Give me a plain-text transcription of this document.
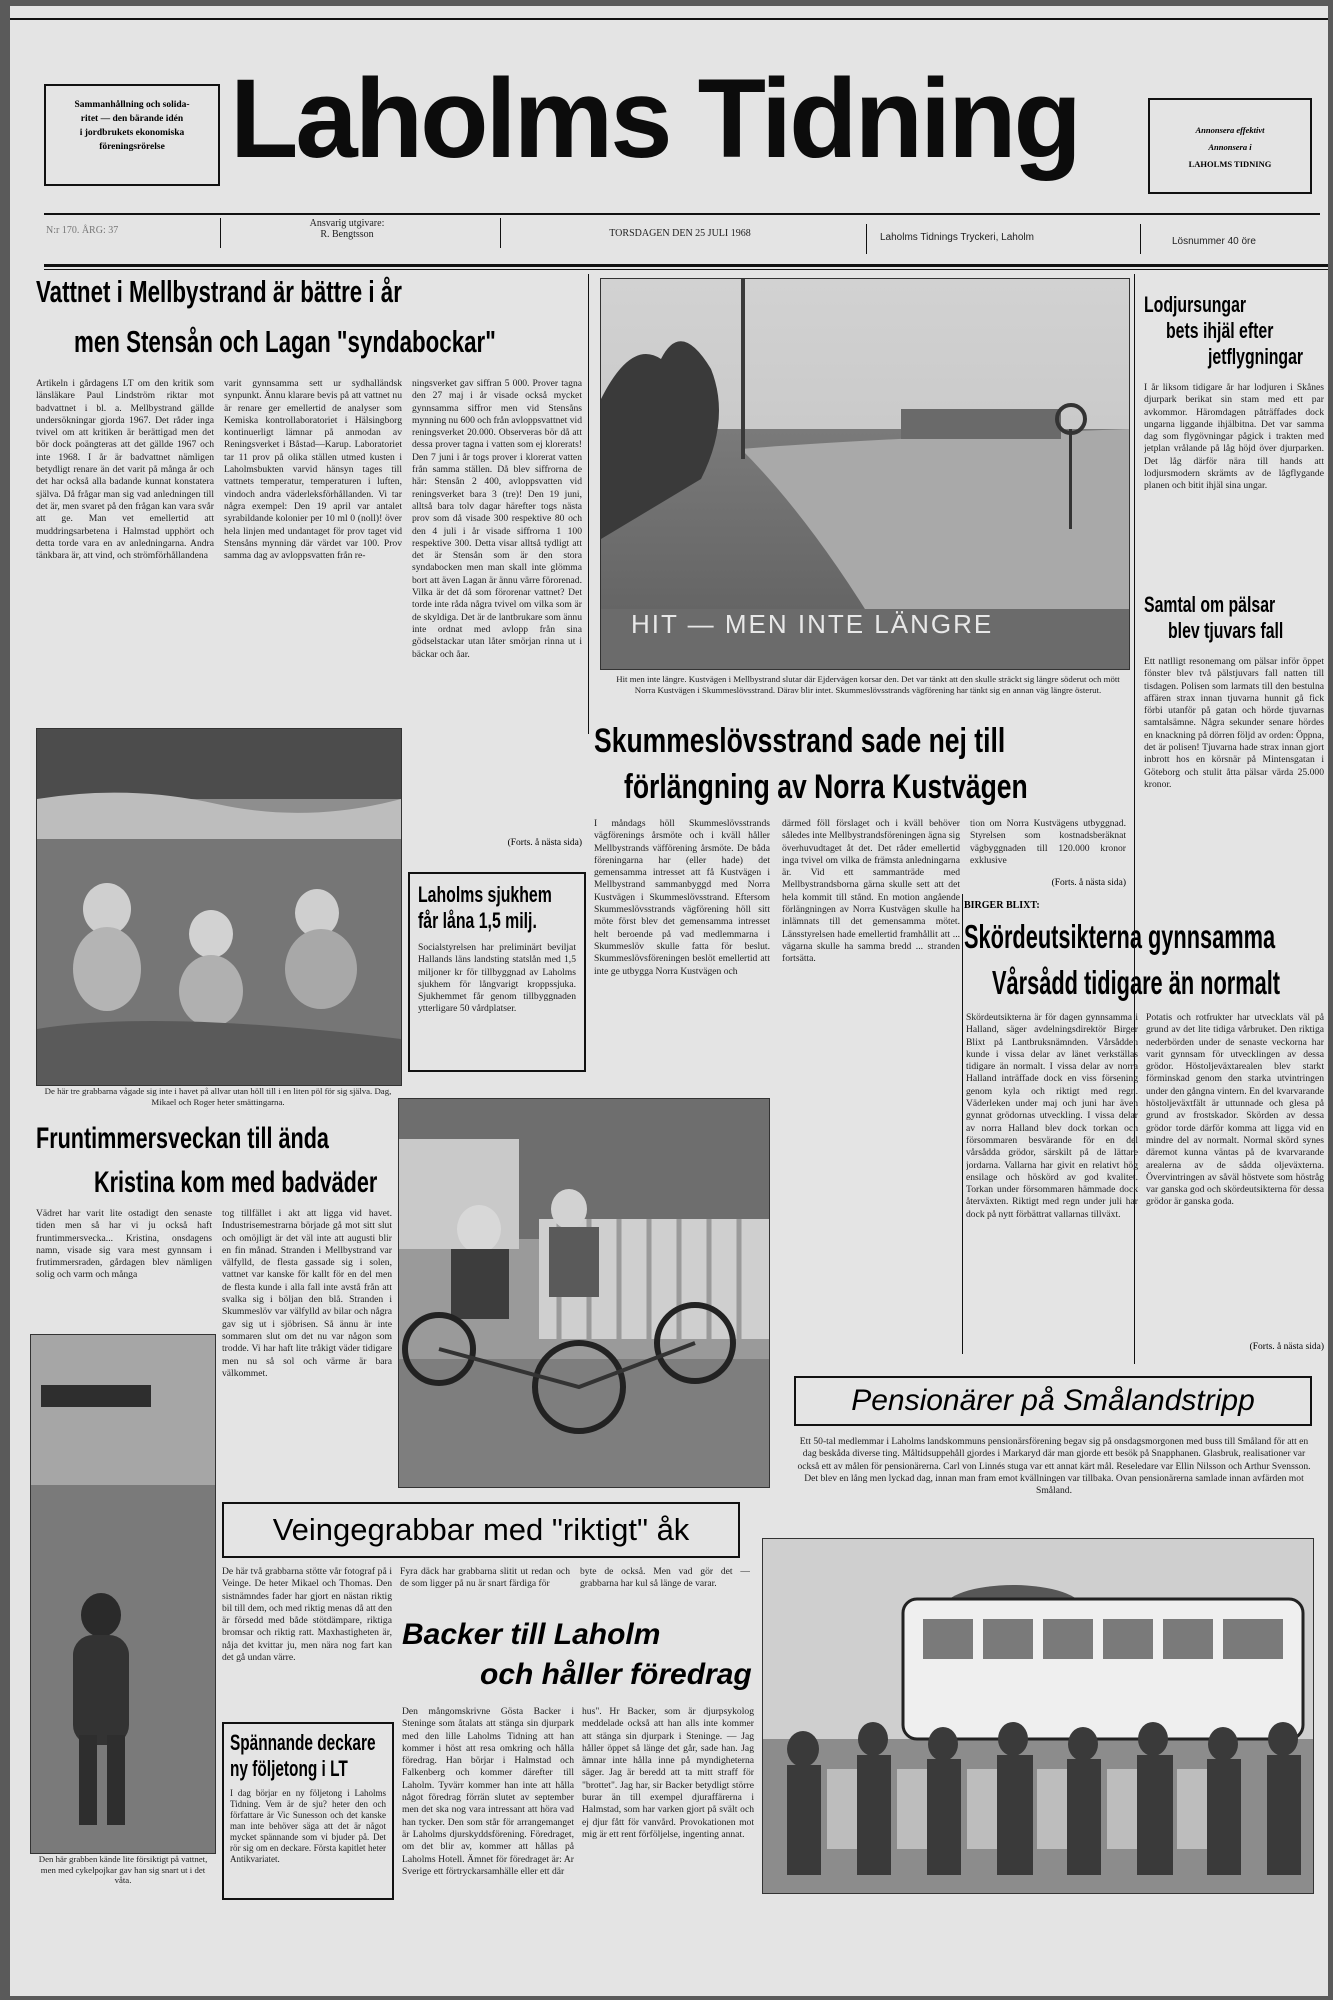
Sammanhållning och solida-
ritet — den bärande idén
i jordbrukets ekonomiska
föreningsrörelse Laholms Tidning	Annonsera effektivt
Annonsera i
LAHOLMS TIDNING
N:r 170. ÅRG: 37
Ansvarig utgivare:
R. Bengtsson	TORSDAGEN DEN 25 JULI 1968	Laholms Tidnings Tryckeri, Laholm	Lösnummer 40 öre
Vattnet i Mellbystrand är bättre i år
men Stensån och Lagan "syndabockar"
Artikeln i gårdagens LT om den kritik som länsläkare Paul Lindström riktar mot badvattnet i bl. a. Mellbystrand gällde undersökningar gjorda 1967. Det råder inga tvivel om att kritiken är berättigad men det bör dock poängteras att det gällde 1967 och inte 1968. I år är badvattnet nämligen betydligt renare än det varit på många år och det har också alla badande kunnat konstatera själva. Då frågar man sig vad anledningen till det är, men svaret på den frågan kan vara svår att ge. Man vet emellertid att muddringsarbetena i Halmstad upphört och detta torde vara en av anledningarna. Andra tänkbara är, att vind, och strömförhållandena
varit gynnsamma sett ur sydhalländsk synpunkt. Ännu klarare bevis på att vattnet nu är renare ger emellertid de analyser som Kemiska kontrollaboratoriet i Hälsingborg kontinuerligt lämnar på anmodan av Reningsverket i Båstad—Karup. Laboratoriet tar 11 prov på olika ställen utmed kusten i Laholmsbukten varvid hänsyn tages till vattnets temperatur, temperaturen i luften, vindoch andra väderleksförhållanden. Vi tar några exempel: Den 19 april var antalet syrabildande kolonier per 10 ml 0 (noll)! över hela linjen med undantaget för prov taget vid Stensåns mynning där värdet var 100. Prov samma dag av avloppsvatten från re-
ningsverket gav siffran 5 000. Prover tagna den 27 maj i år visade också mycket gynnsamma siffror men vid Stensåns mynning nu 600 och från avloppsvattnet vid reningsverket 20.000. Observeras bör då att dessa prover tagna i vatten som ej klorerats! Den 7 juni i år togs prover i klorerat vatten från samma ställen. Då blev siffrorna de här: Stensån 2 400, avloppsvatten vid reningsverket bara 3 (tre)! Den 19 juni, alltså bara tolv dagar härefter togs nästa prov som då visade 300 respektive 80 och den 4 juli i år visade siffrorna 1 100 respektive 300. Detta visar alltså tydligt att det är Stensån som är den stora syndabocken men man skall inte glömma bort att även Lagan är ännu värre förorenad. Vilka är det då som förorenar vattnet? Det torde inte råda några tvivel om vilka som är de skyldiga. Det är de lantbrukare som ännu inte ordnat med avlopp från sina gödselstackar utan låter smörjan rinna ut i bäckar och åar.
(Forts. å nästa sida)
HIT — MEN INTE LÄNGRE
Hit men inte längre. Kustvägen i Mellbystrand slutar där Ejdervägen korsar den. Det var tänkt att den skulle sträckt sig längre söderut och mött Norra Kustvägen i Skummeslövsstrand. Därav blir intet. Skummeslövsstrands vägförening har tänkt sig en annan väg längre österut.
Lodjursungar
bets ihjäl efter
jetflygningar
I år liksom tidigare år har lodjuren i Skånes djurpark berikat sin stam med ett par avkommor. Häromdagen påträffades dock ungarna liggande ihjälbitna. Det var samma dag som flygövningar pågick i trakten med jetplan vrålande på låg höjd över djurparken. Det låg därför nära till hands att lodjursmodern skrämts av de lågflygande planen och bitit ihjäl sina ungar.
Samtal om pälsar
blev tjuvars fall
Ett natlligt resonemang om pälsar inför öppet fönster blev två pälstjuvars fall natten till tisdagen. Polisen som larmats till den bestulna affären strax innan tjuvarna hunnit gå fick förbi utanför på gatan och hörde tjuvarnas samtalsämne. Några sekunder senare hördes en knackning på dörren följd av orden: Öppna, det är polisen! Tjuvarna hade strax innan gjort inbrott hos en körsnär på Mintensgatan i Göteborg och stulit åtta pälsar värda 25.000 kronor.
De här tre grabbarna vågade sig inte i havet på allvar utan höll till i en liten pöl för sig själva. Dag, Mikael och Roger heter smättingarna.
Skummeslövsstrand sade nej till
förlängning av Norra Kustvägen
I måndags höll Skummeslövsstrands vägförenings årsmöte och i kväll håller Mellbystrands väfförening årsmöte. De båda föreningarna har (eller hade) det gemensamma intresset att få Kustvägen i Mellbystrand sammanbyggd med Norra Kustvägen i Skummeslövsstrand. Eftersom Skummeslövsstrands vägförening höll sitt möte först blev det gemensamma intresset helt beroende på vad medlemmarna i Skummeslöv skulle fatta för beslut. Skummeslövsföreningen beslöt emellertid att inte ge utbygga Norra Kustvägen och
därmed föll förslaget och i kväll behöver således inte Mellbystrandsföreningen ägna sig överhuvudtaget åt det. Det råder emellertid inga tvivel om vilka de främsta anledningarna är. Vid ett sammanträde med Mellbystrandsborna gärna skulle sett att det hela kommit till stånd. En motion angående förlängningen av Norra Kustvägen skulle ha inlämnats till det gemensamma mötet. Länsstyrelsen hade emellertid framhållit att ... vägarna skulle ha samma bredd ... stranden fortsätta.
tion om Norra Kustvägens utbyggnad. Styrelsen som kostnadsberäknat vägbyggnaden till 120.000 kronor exklusive
(Forts. å nästa sida)
Laholms sjukhem
får låna 1,5 milj.
Socialstyrelsen har preliminärt beviljat Hallands läns landsting statslån med 1,5 miljoner kr för tillbyggnad av Laholms sjukhem för långvarigt kroppssjuka. Sjukhemmet får genom tillbyggnaden ytterligare 50 vårdplatser.
Fruntimmersveckan till ända
Kristina kom med badväder
Vädret har varit lite ostadigt den senaste tiden men så har vi ju också haft fruntimmersvecka... Kristina, onsdagens namn, visade sig vara mest gynnsam i frutimmersraden, gårdagen blev nämligen solig och varm och många
tog tillfället i akt att ligga vid havet. Industrisemestrarna började gå mot sitt slut och omöjligt är det väl inte att augusti blir en fin månad. Stranden i Mellbystrand var välfylld, de flesta gassade sig i solen, vattnet var kanske för kallt för en del men de flesta kunde i alla fall inte avstå från att svalka sig i böljan den blå. Stranden i Skummeslöv var välfylld av bilar och några gav sig ut i sjöbrisen. Så ännu är inte sommaren slut om det nu var någon som trodde. Vi har haft lite tråkigt väder tidigare men nu så sol och värme är bara välkommet.
Den här grabben kände lite försiktigt på vattnet, men med cykelpojkar gav han sig snart ut i det våta.
BIRGER BLIXT:
Skördeutsikterna gynnsamma
Vårsådd tidigare än normalt
Skördeutsikterna är för dagen gynnsamma i Halland, säger avdelningsdirektör Birger Blixt på Lantbruksnämnden. Vårsådden kunde i vissa delar av länet verkställas tidigare än normalt. I vissa delar av norra Halland inträffade dock en viss försening genom kyla och riktigt med regn. Väderleken under maj och juni har även gynnat grödornas utveckling. I vissa delar av norra Halland blev dock torkan och försommaren besvärande för en del vårsådda grödor, särskilt på de lättare jordarna. Vallarna har givit en relativt hög ensilage och höskörd av god kvalitet. Torkan under försommaren hämmade dock återväxten. Riktigt med regn under juli har dock på nytt förbättrat vallarnas tillväxt.
Potatis och rotfrukter har utvecklats väl på grund av det lite tidiga vårbruket. Den riktiga nederbörden under de senaste veckorna har varit gynnsam för utvecklingen av dessa grödor. Höstoljeväxtarealen blev starkt förminskad genom den starka utvintringen under den gångna vintern. En del kvarvarande höstoljeväxtfält är uttunnade och glesa på grund av frostskador. Skörden av dessa grödor torde därför komma att ligga vid en mindre del av normalt. Normal skörd synes däremot kunna väntas på de kvarvarande arealerna av de sådda oljeväxterna. Övervintringen av såväl höstvete som höstråg var ganska god och skördeutsikterna för dessa grödor är ganska goda.
(Forts. å nästa sida)
Pensionärer på Smålandstripp
Ett 50-tal medlemmar i Laholms landskommuns pensionärsförening begav sig på onsdagsmorgonen med buss till Småland för att en dag beskåda diverse ting. Måltidsuppehåll gjordes i Markaryd där man gjorde ett besök på Snapphanen. Glasbruk, realisationer var också ett av målen för pensionärerna. Carl von Linnés stuga var ett annat kärt mål. Reseledare var Ellin Nilsson och Arthur Svensson. Det blev en lång men lyckad dag, innan man fram emot kvällningen var tillbaka. Ovan pensionärerna samlade innan avfärden mot Småland.
Veingegrabbar med "riktigt" åk
De här två grabbarna stötte vår fotograf på i Veinge. De heter Mikael och Thomas. Den sistnämndes fader har gjort en nästan riktig bil till dem, och med riktig menas då att den är försedd med både stötdämpare, riktiga bromsar och riktig ratt. Maxhastigheten är, nåja det kvittar ju, men nära nog fart kan det gå undan värre.
Fyra däck har grabbarna slitit ut redan och de som ligger på nu är snart färdiga för
byte de också. Men vad gör det — grabbarna har kul så länge de varar.
Backer till Laholm
och håller föredrag
Den mångomskrivne Gösta Backer i Steninge som åtalats att stänga sin djurpark med den lille Laholms Tidning att han kommer i höst att resa omkring och hålla föredrag. Han börjar i Halmstad och Falkenberg och kommer därefter till Laholm. Tyvärr kommer han inte att hålla något föredrag förrän slutet av september men det ska nog vara intressant att höra vad han tycker. Den som står för arrangemanget är Laholms djurskyddsförening. Föredraget, om det blir av, kommer att hållas på Laholms Hotell. Ämnet för föredraget är: Ar Sverige ett förtryckarsamhälle eller ett där
hus". Hr Backer, som är djurpsykolog meddelade också att han alls inte kommer att stänga sin djurpark i Steninge. — Jag håller öppet så länge det går, sade han. Jag ämnar inte hålla inne på myndigheterna säger. Jag är beredd att ta mitt straff för "brottet". Jag har, sir Backer betydligt större burar än till exempel djuraffärerna i Halmstad, som har varken gjort på svält och ej djur fått för vanvård. Provokationen mot mig är ett rent förföljelse, ingenting annat.
Spännande deckare
ny följetong i LT
I dag börjar en ny följetong i Laholms Tidning. Vem är de sju? heter den och författare är Vic Sunesson och det kanske man inte behöver säga att det är något mycket spännande som vi bjuder på. Det rör sig om en deckare. Första kapitlet heter Antikvariatet.
